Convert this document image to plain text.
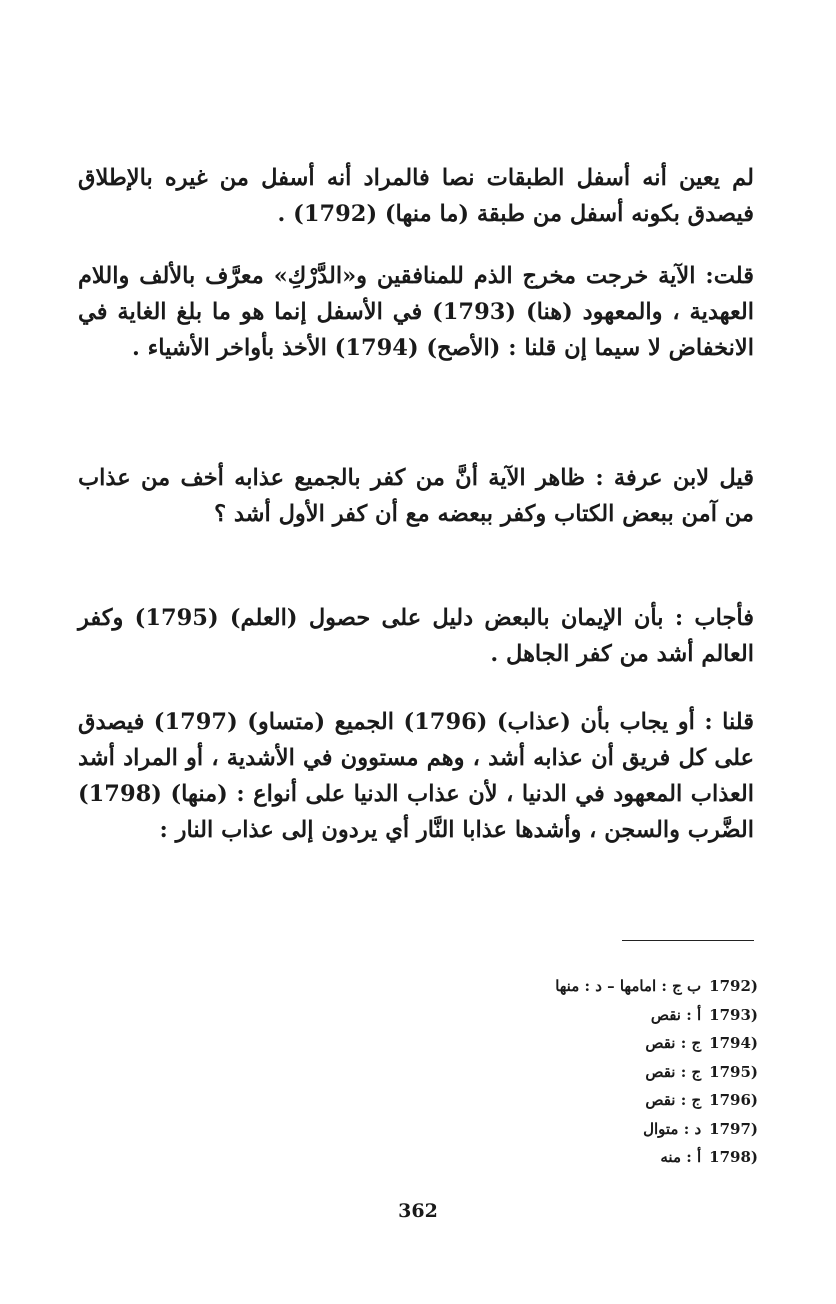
لم يعين أنه أسفل الطبقات نصا فالمراد أنه أسفل من غيره بالإطلاق فيصدق بكونه أسفل من طبقة (ما منها) (1792) .

قلت: الآية خرجت مخرج الذم للمنافقين و«الدَّرْكِ» معرَّف بالألف واللام العهدية ، والمعهود (هنا) (1793) في الأسفل إنما هو ما بلغ الغاية في الانخفاض لا سيما إن قلنا : (الأصح) (1794) الأخذ بأواخر الأشياء .

قيل لابن عرفة : ظاهر الآية أنَّ من كفر بالجميع عذابه أخف من عذاب من آمن ببعض الكتاب وكفر ببعضه مع أن كفر الأول أشد ؟

فأجاب : بأن الإيمان بالبعض دليل على حصول (العلم) (1795) وكفر العالم أشد من كفر الجاهل .

قلنا : أو يجاب بأن (عذاب) (1796) الجميع (متساو) (1797) فيصدق على كل فريق أن عذابه أشد ، وهم مستوون في الأشدية ، أو المراد أشد العذاب المعهود في الدنيا ، لأن عذاب الدنيا على أنواع : (منها) (1798) الضَّرب والسجن ، وأشدها عذابا النَّار أي يردون إلى عذاب النار :

1792)ب ج : امامها – د : منها
1793)أ : نقص
1794)ج : نقص
1795)ج : نقص
1796)ج : نقص
1797)د : متوال
1798)أ : منه
362
